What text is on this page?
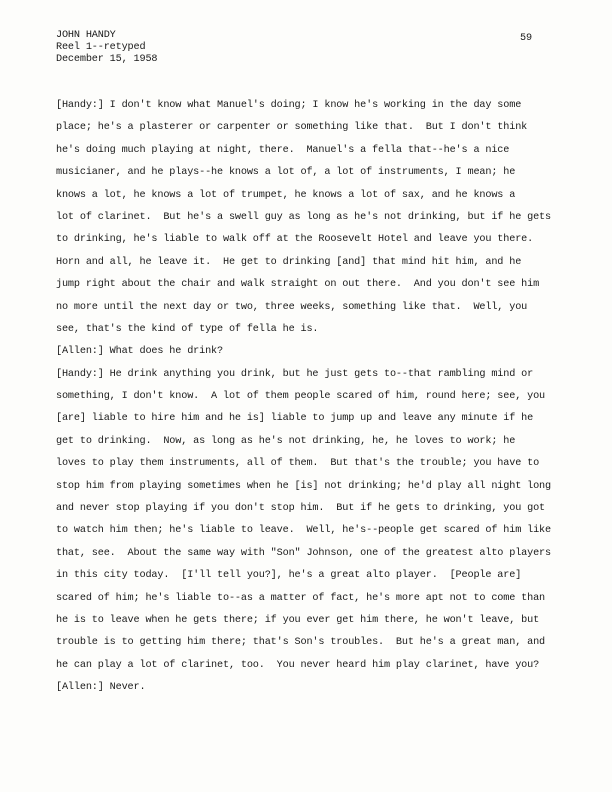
JOHN HANDY
Reel 1--retyped
December 15, 1958
59
[Handy:] I don't know what Manuel's doing; I know he's working in the day some
place; he's a plasterer or carpenter or something like that.  But I don't think
he's doing much playing at night, there.  Manuel's a fella that--he's a nice
musicianer, and he plays--he knows a lot of, a lot of instruments, I mean; he
knows a lot, he knows a lot of trumpet, he knows a lot of sax, and he knows a
lot of clarinet.  But he's a swell guy as long as he's not drinking, but if he gets
to drinking, he's liable to walk off at the Roosevelt Hotel and leave you there.
Horn and all, he leave it.  He get to drinking [and] that mind hit him, and he
jump right about the chair and walk straight on out there.  And you don't see him
no more until the next day or two, three weeks, something like that.  Well, you
see, that's the kind of type of fella he is.
[Allen:] What does he drink?
[Handy:] He drink anything you drink, but he just gets to--that rambling mind or
something, I don't know.  A lot of them people scared of him, round here; see, you
[are] liable to hire him and he is] liable to jump up and leave any minute if he
get to drinking.  Now, as long as he's not drinking, he, he loves to work; he
loves to play them instruments, all of them.  But that's the trouble; you have to
stop him from playing sometimes when he [is] not drinking; he'd play all night long
and never stop playing if you don't stop him.  But if he gets to drinking, you got
to watch him then; he's liable to leave.  Well, he's--people get scared of him like
that, see.  About the same way with "Son" Johnson, one of the greatest alto players
in this city today.  [I'll tell you?], he's a great alto player.  [People are]
scared of him; he's liable to--as a matter of fact, he's more apt not to come than
he is to leave when he gets there; if you ever get him there, he won't leave, but
trouble is to getting him there; that's Son's troubles.  But he's a great man, and
he can play a lot of clarinet, too.  You never heard him play clarinet, have you?
[Allen:] Never.
